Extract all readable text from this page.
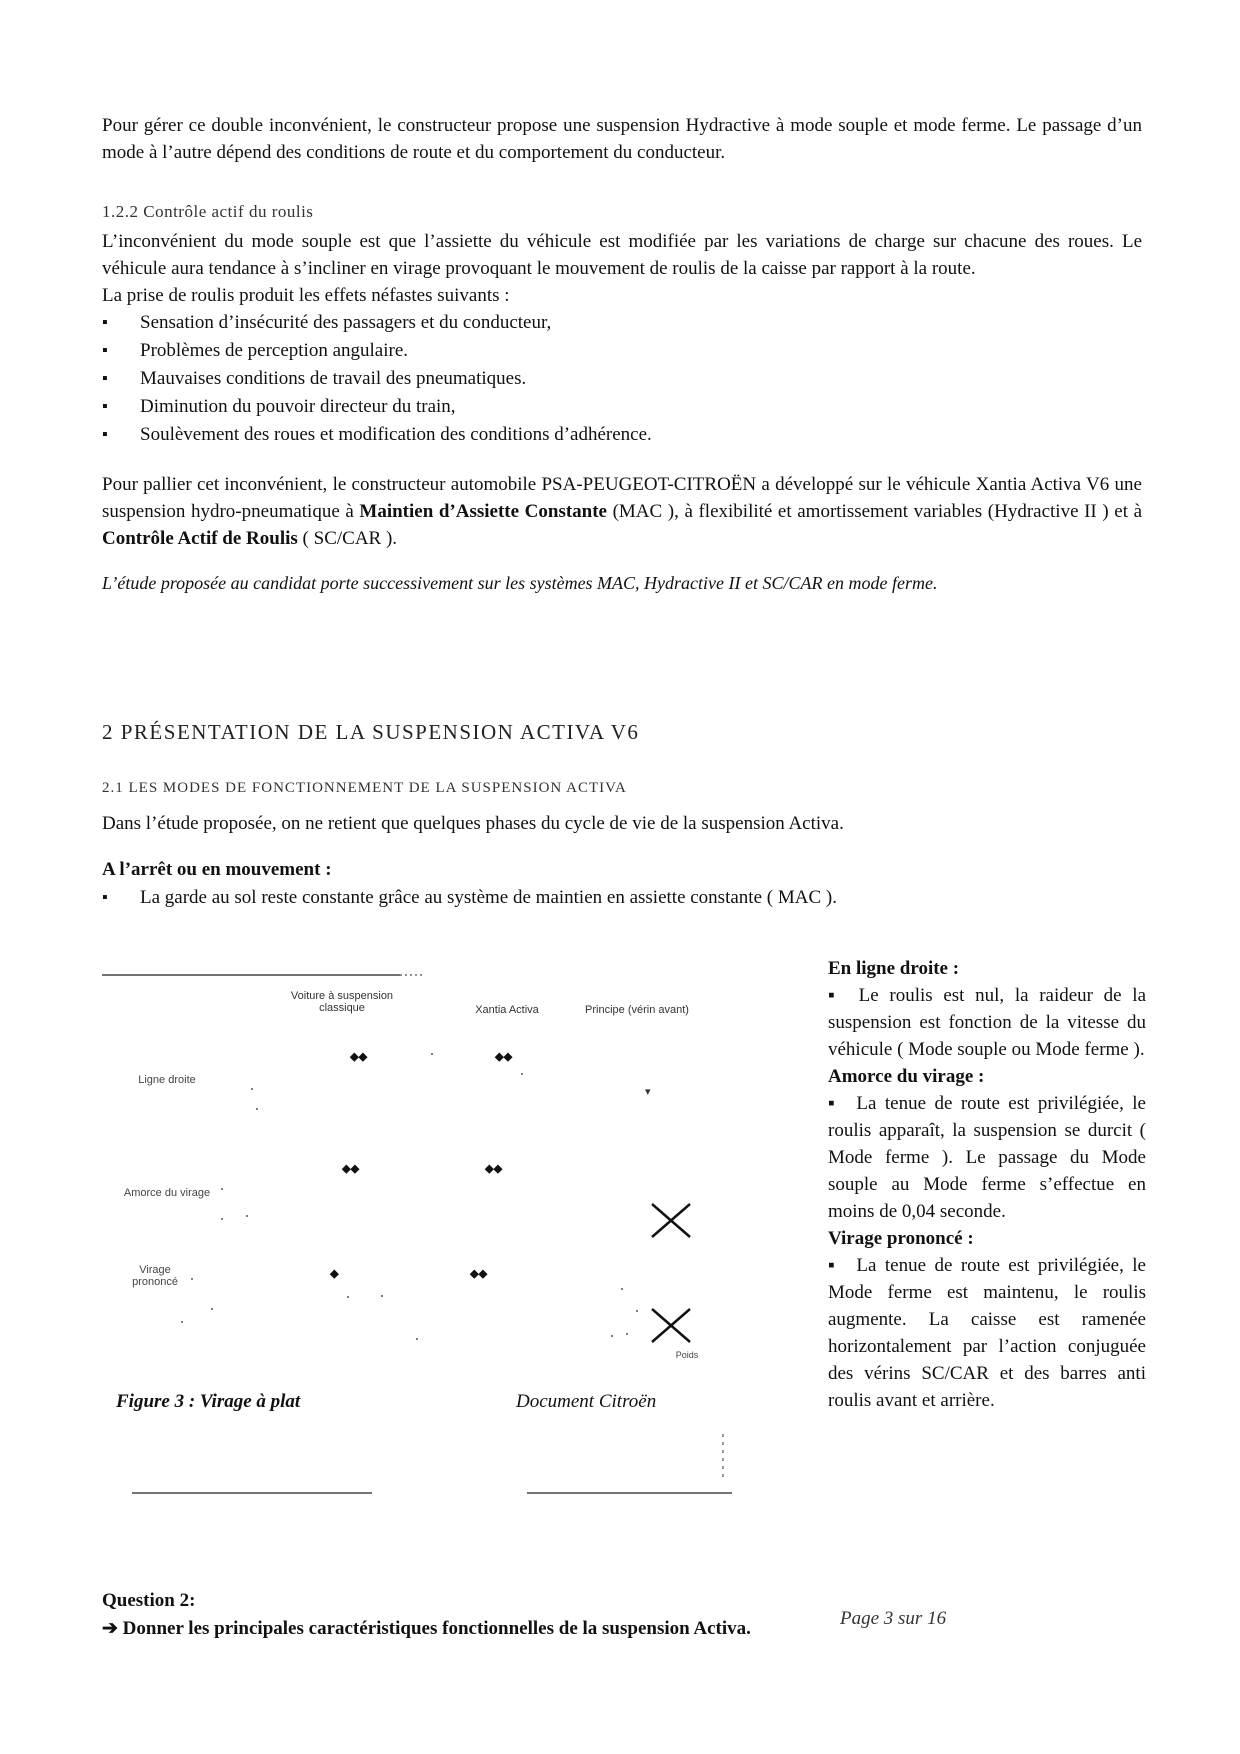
Pour gérer ce double inconvénient, le constructeur propose une suspension Hydractive à mode souple et mode ferme. Le passage d’un mode à l’autre dépend des conditions de route et du comportement du conducteur.

1.2.2 Contrôle actif du roulis

L’inconvénient du mode souple est que l’assiette du véhicule est modifiée par les variations de charge sur chacune des roues. Le véhicule aura tendance à s’incliner en virage provoquant le mouvement de roulis de la caisse par rapport à la route.

La prise de roulis produit les effets néfastes suivants :

▪ Sensation d’insécurité des passagers et du conducteur,
▪ Problèmes de perception angulaire.
▪ Mauvaises conditions de travail des pneumatiques.
▪ Diminution du pouvoir directeur du train,
▪ Soulèvement des roues et modification des conditions d’adhérence.

Pour pallier cet inconvénient, le constructeur automobile PSA-PEUGEOT-CITROËN a développé sur le véhicule Xantia Activa V6 une suspension hydro-pneumatique à Maintien d’Assiette Constante (MAC ), à flexibilité et amortissement variables (Hydractive II ) et à Contrôle Actif de Roulis ( SC/CAR ).

L’étude proposée au candidat porte successivement sur les systèmes MAC, Hydractive II et SC/CAR en mode ferme.

2 PRÉSENTATION DE LA SUSPENSION ACTIVA V6
2.1 LES MODES DE FONCTIONNEMENT DE LA SUSPENSION ACTIVA

Dans l’étude proposée, on ne retient que quelques phases du cycle de vie de la suspension Activa.

A l’arrêt ou en mouvement :

▪ La garde au sol reste constante grâce au système de maintien en assiette constante ( MAC ).
▾
Voiture à suspension classique	Xantia Activa	Principe (vérin avant)
Ligne droite
Amorce du virage
Virage prononcé
Poids
⬩⬩	⬩⬩
⬩⬩	⬩⬩
⬩	⬩⬩
Figure 3 : Virage à plat	Document Citroën
En ligne droite :

▪ Le roulis est nul, la raideur de la suspension est fonction de la vitesse du véhicule ( Mode souple ou Mode ferme ).

Amorce du virage :

▪ La tenue de route est privilégiée, le roulis apparaît, la suspension se durcit ( Mode ferme ). Le passage du Mode souple au Mode ferme s’effectue en moins de 0,04 seconde.

Virage prononcé :

▪ La tenue de route est privilégiée, le Mode ferme est maintenu, le roulis augmente. La caisse est ramenée horizontalement par l’action conjuguée des vérins SC/CAR et des barres anti roulis avant et arrière.

Question 2:
➔ Donner les principales caractéristiques fonctionnelles de la suspension Activa.	Page 3 sur 16
